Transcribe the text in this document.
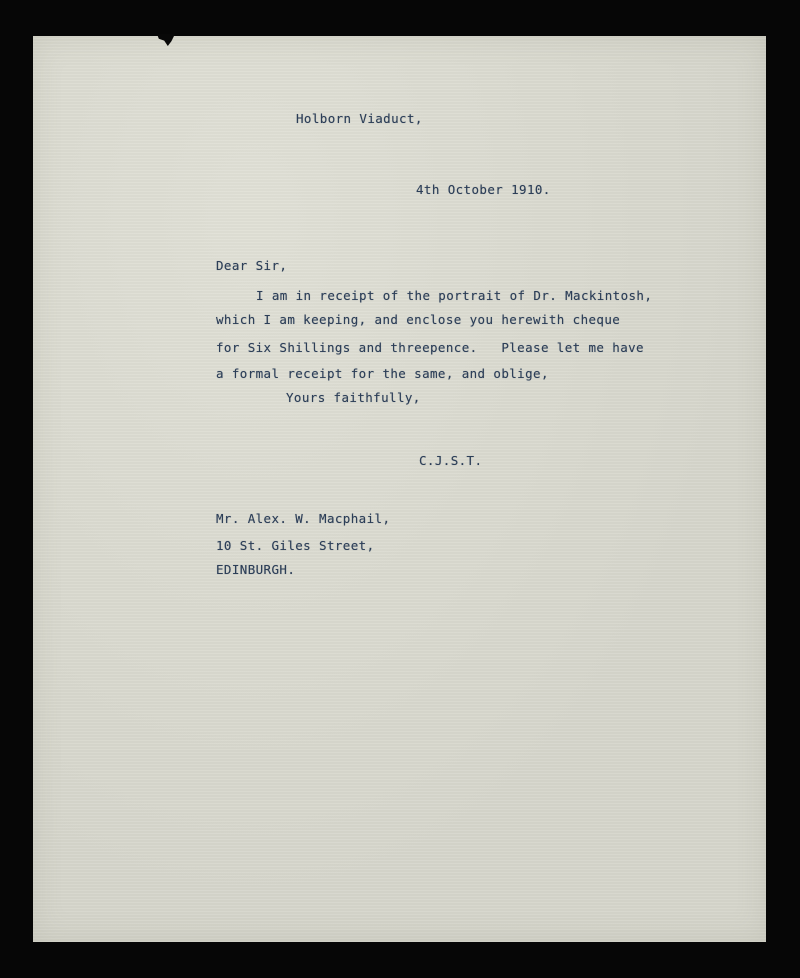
Holborn Viaduct,
4th October 1910.
Dear Sir,
I am in receipt of the portrait of Dr. Mackintosh,
which I am keeping, and enclose you herewith cheque
for Six Shillings and threepence.   Please let me have
a formal receipt for the same, and oblige,
Yours faithfully,
C.J.S.T.
Mr. Alex. W. Macphail,
10 St. Giles Street,
EDINBURGH.
